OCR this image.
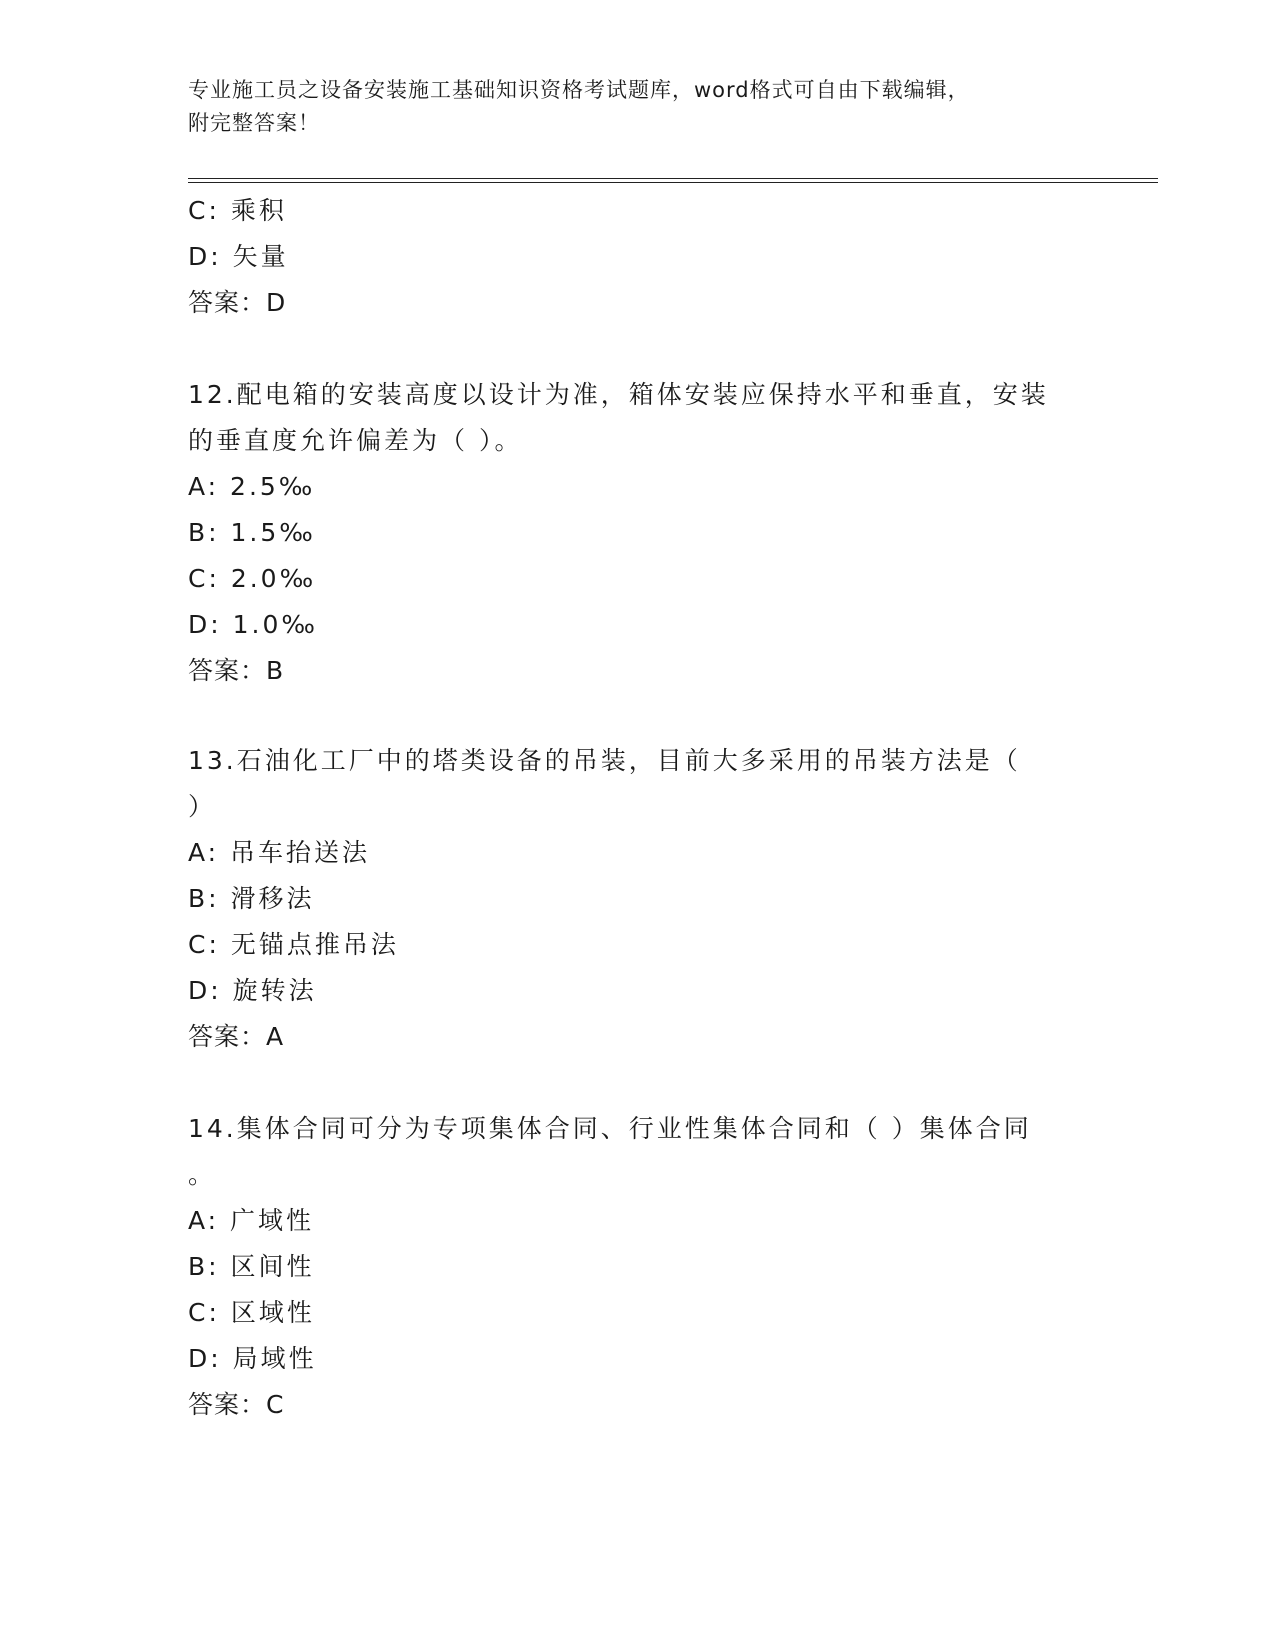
专业施工员之设备安装施工基础知识资格考试题库，word格式可自由下载编辑，
附完整答案！
C: 乘积
D: 矢量
答案：D
12.配电箱的安装高度以设计为准，箱体安装应保持水平和垂直，安装
的垂直度允许偏差为（ ）。
A: 2.5‰
B: 1.5‰
C: 2.0‰
D: 1.0‰
答案：B
13.石油化工厂中的塔类设备的吊装，目前大多采用的吊装方法是（
）
A: 吊车抬送法
B: 滑移法
C: 无锚点推吊法
D: 旋转法
答案：A
14.集体合同可分为专项集体合同、行业性集体合同和（ ）集体合同
。
A: 广域性
B: 区间性
C: 区域性
D: 局域性
答案：C
